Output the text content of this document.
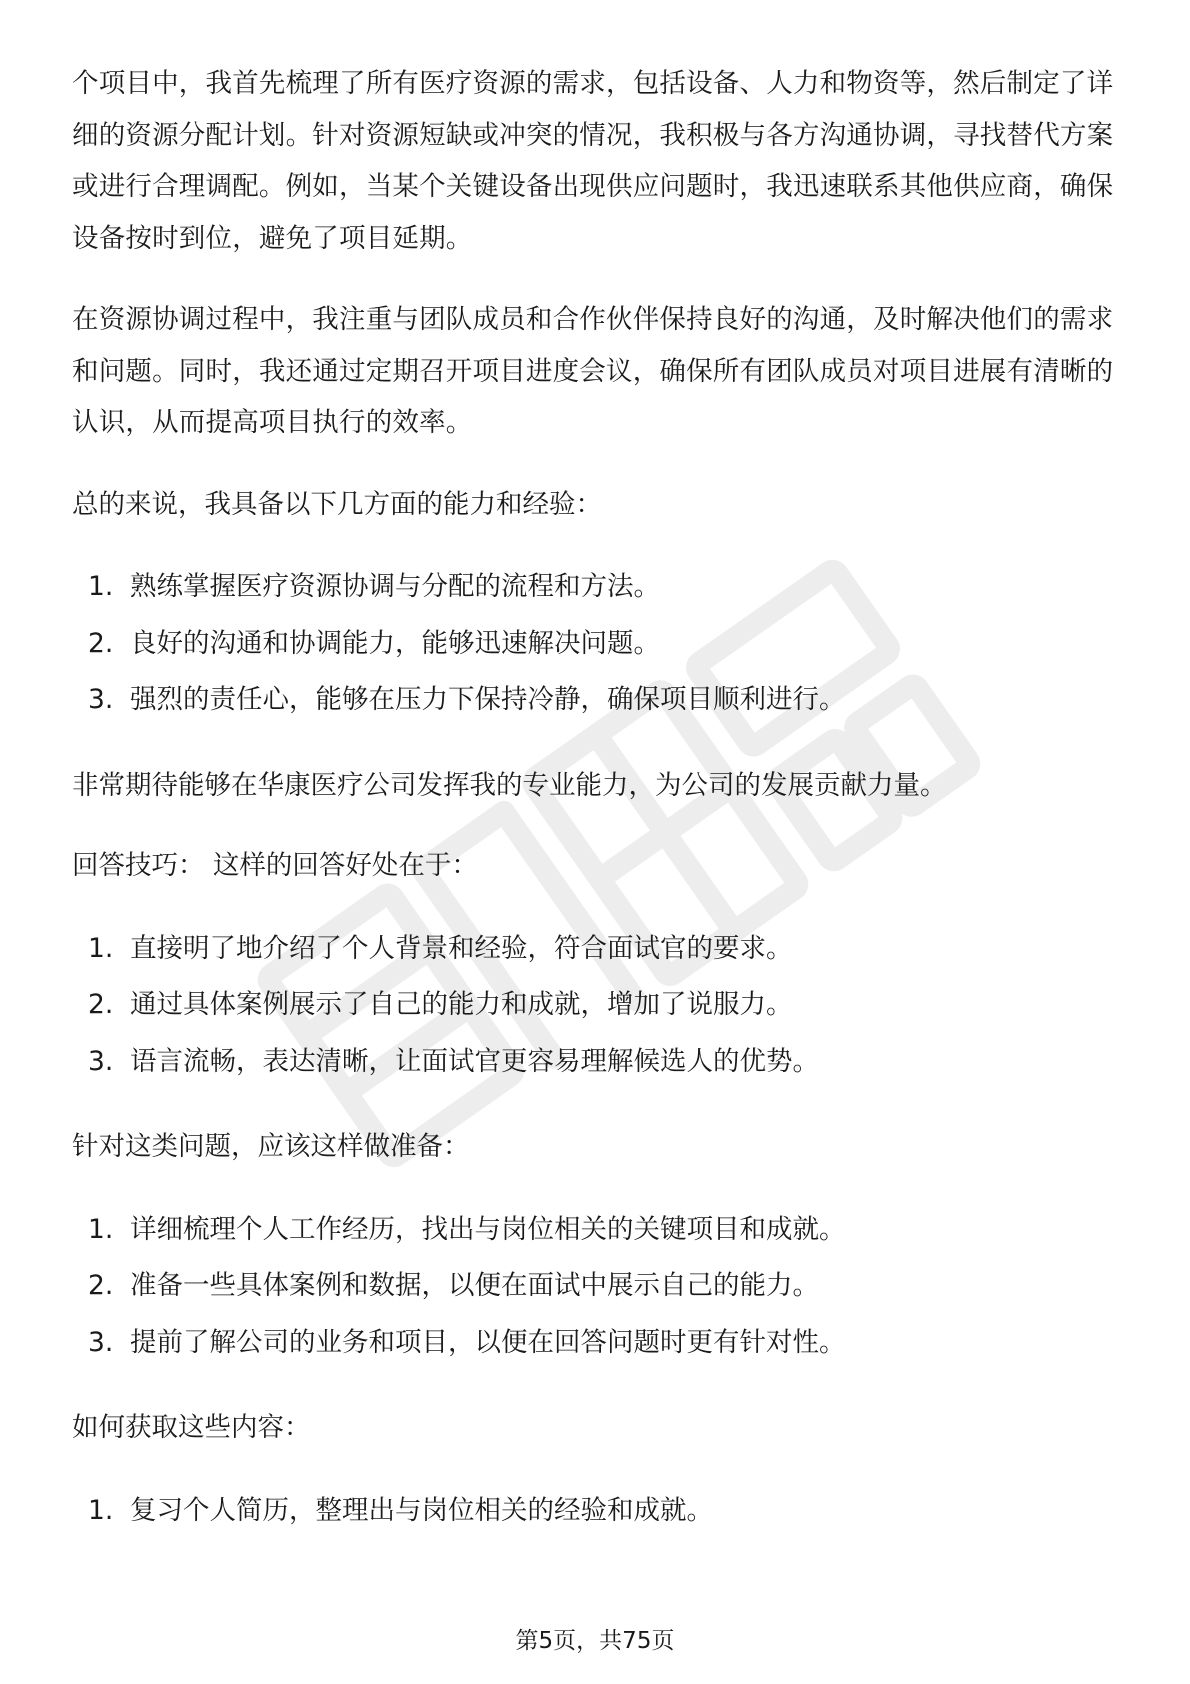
个项目中，我首先梳理了所有医疗资源的需求，包括设备、人力和物资等，然后制定了详细的资源分配计划。针对资源短缺或冲突的情况，我积极与各方沟通协调，寻找替代方案或进行合理调配。例如，当某个关键设备出现供应问题时，我迅速联系其他供应商，确保设备按时到位，避免了项目延期。

在资源协调过程中，我注重与团队成员和合作伙伴保持良好的沟通，及时解决他们的需求和问题。同时，我还通过定期召开项目进度会议，确保所有团队成员对项目进展有清晰的认识，从而提高项目执行的效率。

总的来说，我具备以下几方面的能力和经验：

1. 熟练掌握医疗资源协调与分配的流程和方法。
2. 良好的沟通和协调能力，能够迅速解决问题。
3. 强烈的责任心，能够在压力下保持冷静，确保项目顺利进行。

非常期待能够在华康医疗公司发挥我的专业能力，为公司的发展贡献力量。

回答技巧： 这样的回答好处在于：

1. 直接明了地介绍了个人背景和经验，符合面试官的要求。
2. 通过具体案例展示了自己的能力和成就，增加了说服力。
3. 语言流畅，表达清晰，让面试官更容易理解候选人的优势。

针对这类问题，应该这样做准备：

1. 详细梳理个人工作经历，找出与岗位相关的关键项目和成就。
2. 准备一些具体案例和数据，以便在面试中展示自己的能力。
3. 提前了解公司的业务和项目，以便在回答问题时更有针对性。

如何获取这些内容：

1. 复习个人简历，整理出与岗位相关的经验和成就。
第5页，共75页
